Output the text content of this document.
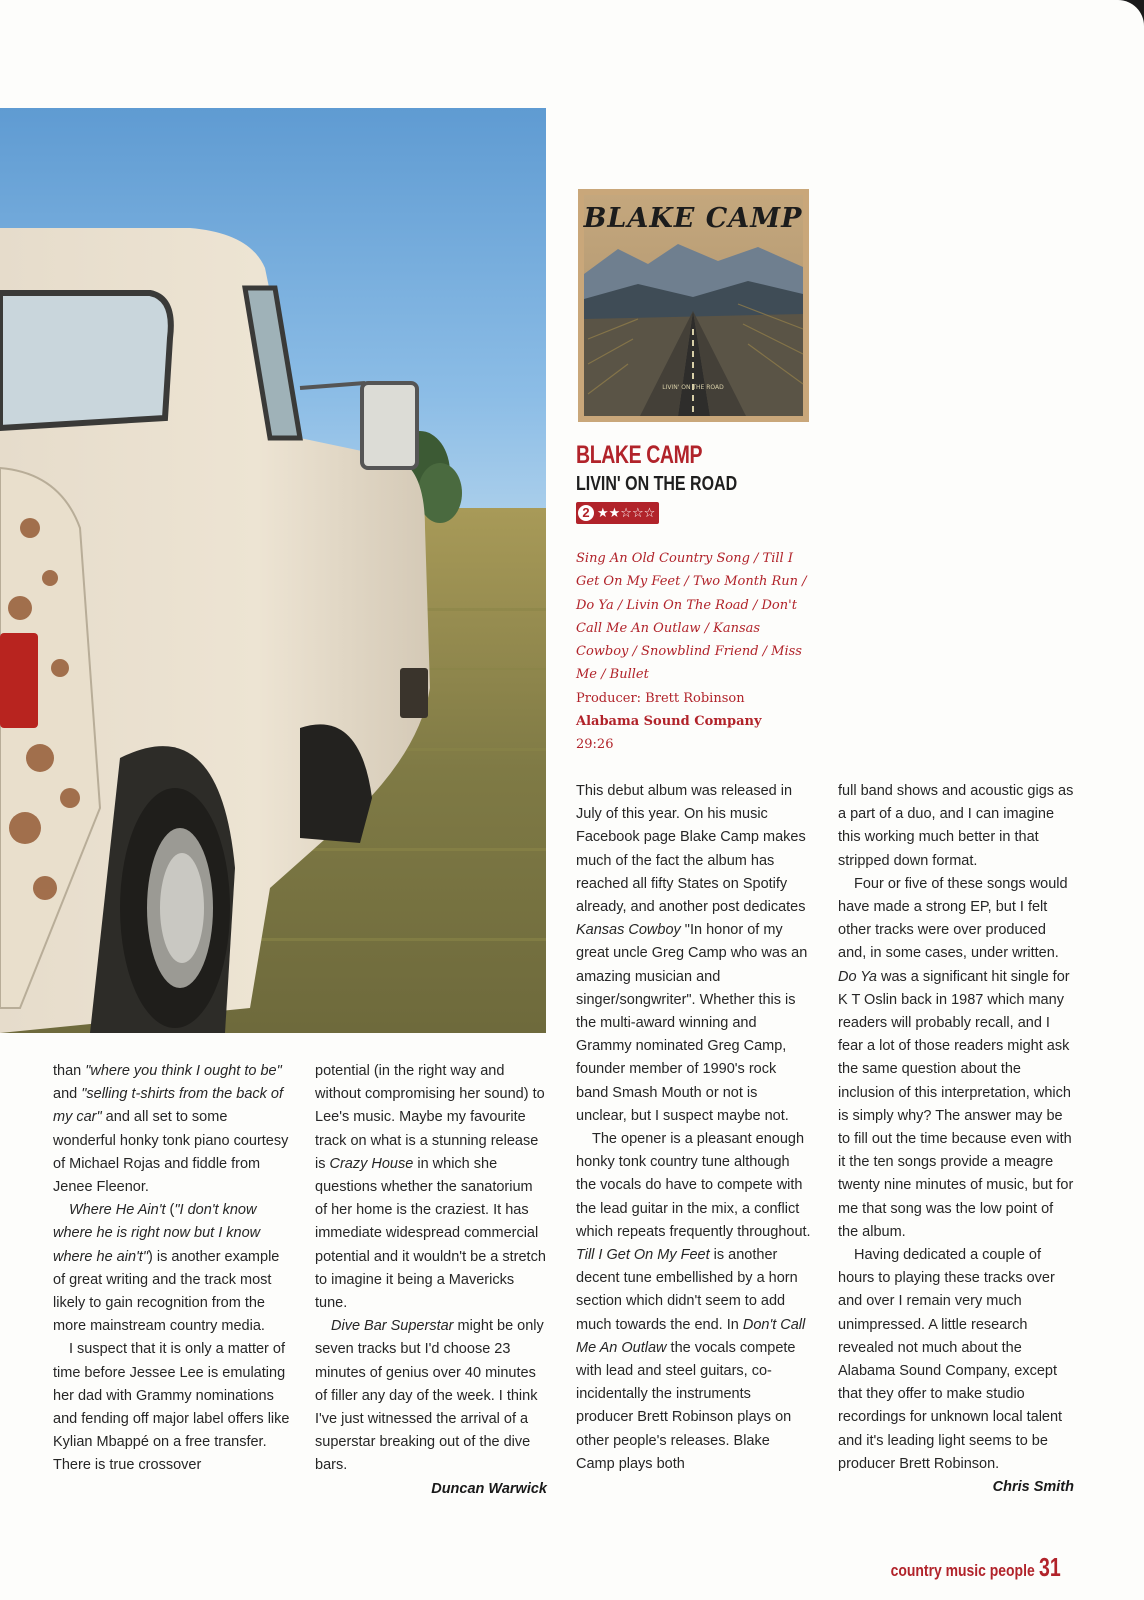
BLAKE CAMP
LIVIN' ON THE ROAD
BLAKE CAMP
LIVIN' ON THE ROAD
2 ★★☆☆☆
Sing An Old Country Song / Till I Get On My Feet / Two Month Run / Do Ya / Livin On The Road / Don't Call Me An Outlaw / Kansas Cowboy / Snowblind Friend / Miss Me / Bullet
Producer: Brett Robinson
Alabama Sound Company
29:26

than "where you think I ought to be" and "selling t-shirts from the back of my car" and all set to some wonderful honky tonk piano courtesy of Michael Rojas and fiddle from Jenee Fleenor.

Where He Ain't ("I don't know where he is right now but I know where he ain't") is another example of great writing and the track most likely to gain recognition from the more mainstream country media.

I suspect that it is only a matter of time before Jessee Lee is emulating her dad with Grammy nominations and fending off major label offers like Kylian Mbappé on a free transfer. There is true crossover

potential (in the right way and without compromising her sound) to Lee's music. Maybe my favourite track on what is a stunning release is Crazy House in which she questions whether the sanatorium of her home is the craziest. It has immediate widespread commercial potential and it wouldn't be a stretch to imagine it being a Mavericks tune.

Dive Bar Superstar might be only seven tracks but I'd choose 23 minutes of genius over 40 minutes of filler any day of the week. I think I've just witnessed the arrival of a superstar breaking out of the dive bars.

Duncan Warwick

This debut album was released in July of this year. On his music Facebook page Blake Camp makes much of the fact the album has reached all fifty States on Spotify already, and another post dedicates Kansas Cowboy "In honor of my great uncle Greg Camp who was an amazing musician and singer/songwriter". Whether this is the multi-award winning and Grammy nominated Greg Camp, founder member of 1990's rock band Smash Mouth or not is unclear, but I suspect maybe not.

The opener is a pleasant enough honky tonk country tune although the vocals do have to compete with the lead guitar in the mix, a conflict which repeats frequently throughout. Till I Get On My Feet is another decent tune embellished by a horn section which didn't seem to add much towards the end. In Don't Call Me An Outlaw the vocals compete with lead and steel guitars, co-incidentally the instruments producer Brett Robinson plays on other people's releases. Blake Camp plays both

full band shows and acoustic gigs as a part of a duo, and I can imagine this working much better in that stripped down format.

Four or five of these songs would have made a strong EP, but I felt other tracks were over produced and, in some cases, under written. Do Ya was a significant hit single for K T Oslin back in 1987 which many readers will probably recall, and I fear a lot of those readers might ask the same question about the inclusion of this interpretation, which is simply why? The answer may be to fill out the time because even with it the ten songs provide a meagre twenty nine minutes of music, but for me that song was the low point of the album.

Having dedicated a couple of hours to playing these tracks over and over I remain very much unimpressed. A little research revealed not much about the Alabama Sound Company, except that they offer to make studio recordings for unknown local talent and it's leading light seems to be producer Brett Robinson.

Chris Smith

country music people 31
